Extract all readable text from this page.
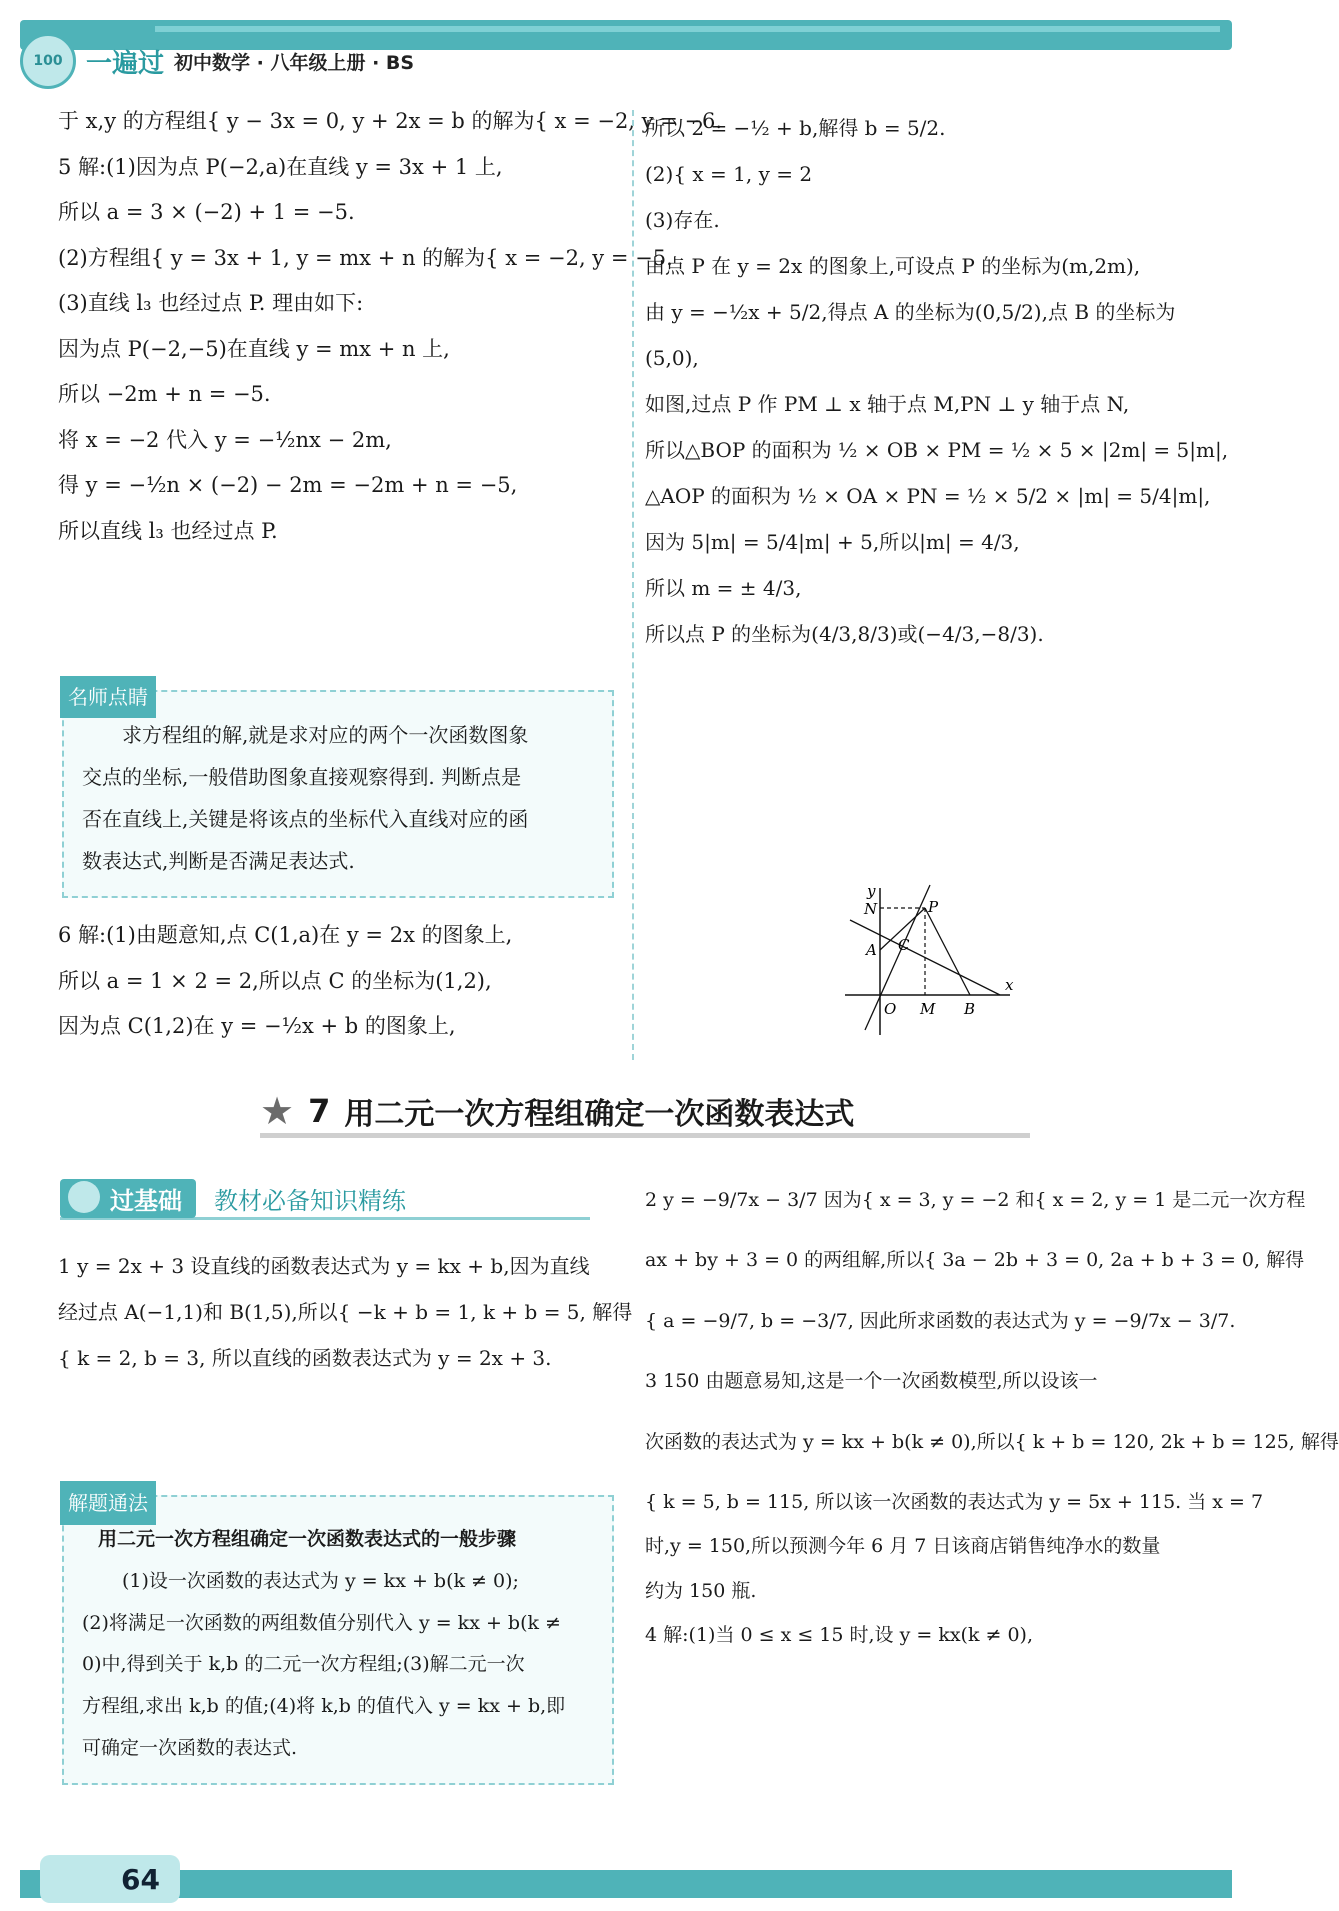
100 一遍过 初中数学 · 八年级上册 · BS

于 x,y 的方程组{ y − 3x = 0, y + 2x = b 的解为{ x = −2, y = −6.

5 解:(1)因为点 P(−2,a)在直线 y = 3x + 1 上,

所以 a = 3 × (−2) + 1 = −5.

(2)方程组{ y = 3x + 1, y = mx + n 的解为{ x = −2, y = −5.

(3)直线 l₃ 也经过点 P. 理由如下:

因为点 P(−2,−5)在直线 y = mx + n 上,

所以 −2m + n = −5.

将 x = −2 代入 y = −½nx − 2m,

得 y = −½n × (−2) − 2m = −2m + n = −5,

所以直线 l₃ 也经过点 P.

名师点睛
求方程组的解,就是求对应的两个一次函数图象
交点的坐标,一般借助图象直接观察得到. 判断点是
否在直线上,关键是将该点的坐标代入直线对应的函
数表达式,判断是否满足表达式.

6 解:(1)由题意知,点 C(1,a)在 y = 2x 的图象上,

所以 a = 1 × 2 = 2,所以点 C 的坐标为(1,2),

因为点 C(1,2)在 y = −½x + b 的图象上,

所以 2 = −½ + b,解得 b = 5/2.

(2){ x = 1, y = 2

(3)存在.

由点 P 在 y = 2x 的图象上,可设点 P 的坐标为(m,2m),

由 y = −½x + 5/2,得点 A 的坐标为(0,5/2),点 B 的坐标为

(5,0),

如图,过点 P 作 PM ⊥ x 轴于点 M,PN ⊥ y 轴于点 N,

所以△BOP 的面积为 ½ × OB × PM = ½ × 5 × |2m| = 5|m|,

△AOP 的面积为 ½ × OA × PN = ½ × 5/2 × |m| = 5/4|m|,

因为 5|m| = 5/4|m| + 5,所以|m| = 4/3,

所以 m = ± 4/3,

所以点 P 的坐标为(4/3,8/3)或(−4/3,−8/3).

y
N	P
A C
O M B
x
★ 7 用二元一次方程组确定一次函数表达式
过基础	教材必备知识精练

1 y = 2x + 3 设直线的函数表达式为 y = kx + b,因为直线

经过点 A(−1,1)和 B(1,5),所以{ −k + b = 1, k + b = 5, 解得

{ k = 2, b = 3, 所以直线的函数表达式为 y = 2x + 3.

解题通法
用二元一次方程组确定一次函数表达式的一般步骤
(1)设一次函数的表达式为 y = kx + b(k ≠ 0);
(2)将满足一次函数的两组数值分别代入 y = kx + b(k ≠
0)中,得到关于 k,b 的二元一次方程组;(3)解二元一次
方程组,求出 k,b 的值;(4)将 k,b 的值代入 y = kx + b,即
可确定一次函数的表达式.

2 y = −9/7x − 3/7 因为{ x = 3, y = −2 和{ x = 2, y = 1 是二元一次方程

ax + by + 3 = 0 的两组解,所以{ 3a − 2b + 3 = 0, 2a + b + 3 = 0, 解得

{ a = −9/7, b = −3/7, 因此所求函数的表达式为 y = −9/7x − 3/7.

3 150 由题意易知,这是一个一次函数模型,所以设该一

次函数的表达式为 y = kx + b(k ≠ 0),所以{ k + b = 120, 2k + b = 125, 解得

{ k = 5, b = 115, 所以该一次函数的表达式为 y = 5x + 115. 当 x = 7

时,y = 150,所以预测今年 6 月 7 日该商店销售纯净水的数量

约为 150 瓶.

4 解:(1)当 0 ≤ x ≤ 15 时,设 y = kx(k ≠ 0),

64
